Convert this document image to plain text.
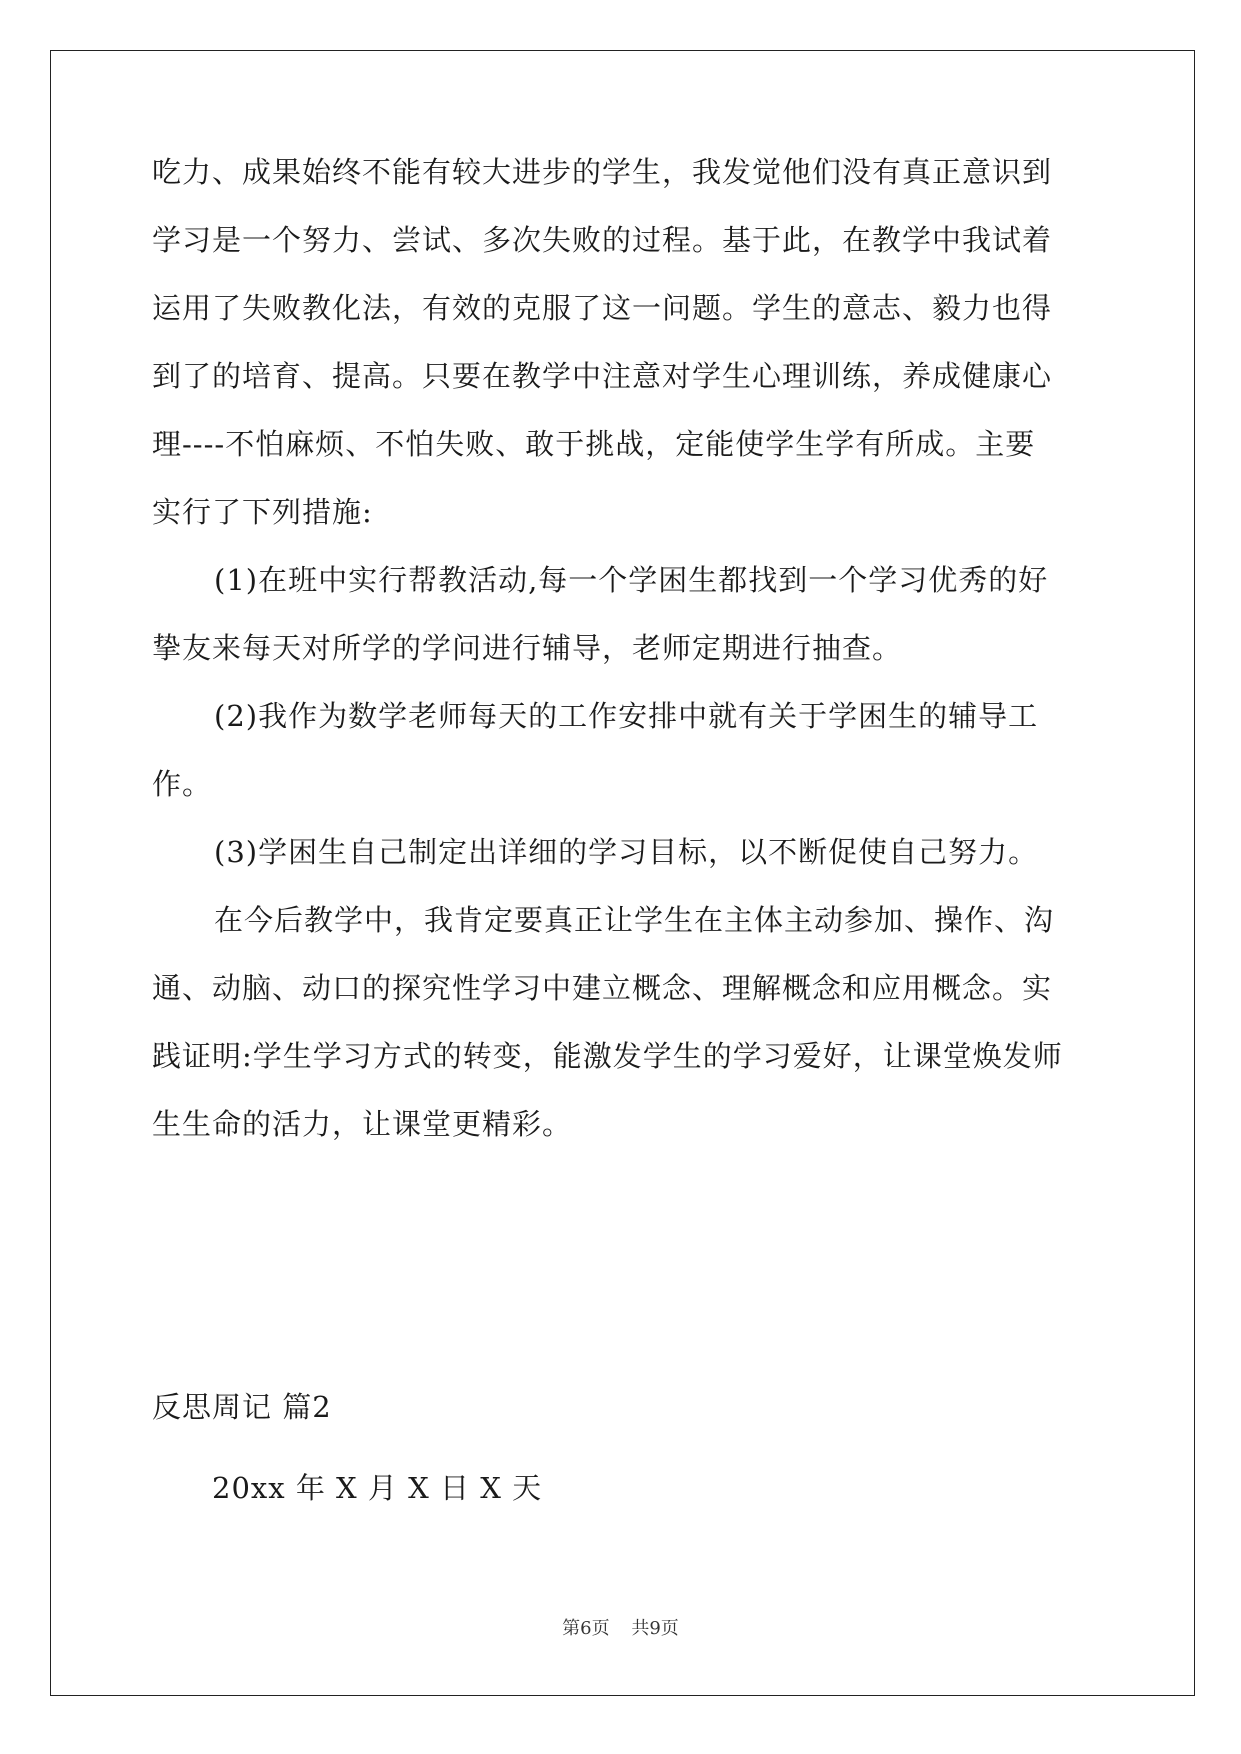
吃力、成果始终不能有较大进步的学生，我发觉他们没有真正意识到
学习是一个努力、尝试、多次失败的过程。基于此，在教学中我试着
运用了失败教化法，有效的克服了这一问题。学生的意志、毅力也得
到了的培育、提高。只要在教学中注意对学生心理训练，养成健康心
理----不怕麻烦、不怕失败、敢于挑战，定能使学生学有所成。主要
实行了下列措施:
(1)在班中实行帮教活动,每一个学困生都找到一个学习优秀的好
挚友来每天对所学的学问进行辅导，老师定期进行抽查。
(2)我作为数学老师每天的工作安排中就有关于学困生的辅导工
作。
(3)学困生自己制定出详细的学习目标，以不断促使自己努力。
在今后教学中，我肯定要真正让学生在主体主动参加、操作、沟
通、动脑、动口的探究性学习中建立概念、理解概念和应用概念。实
践证明:学生学习方式的转变，能激发学生的学习爱好，让课堂焕发师
生生命的活力，让课堂更精彩。
反思周记 篇2
20xx 年 X 月 X 日 X 天
第6页 共9页
